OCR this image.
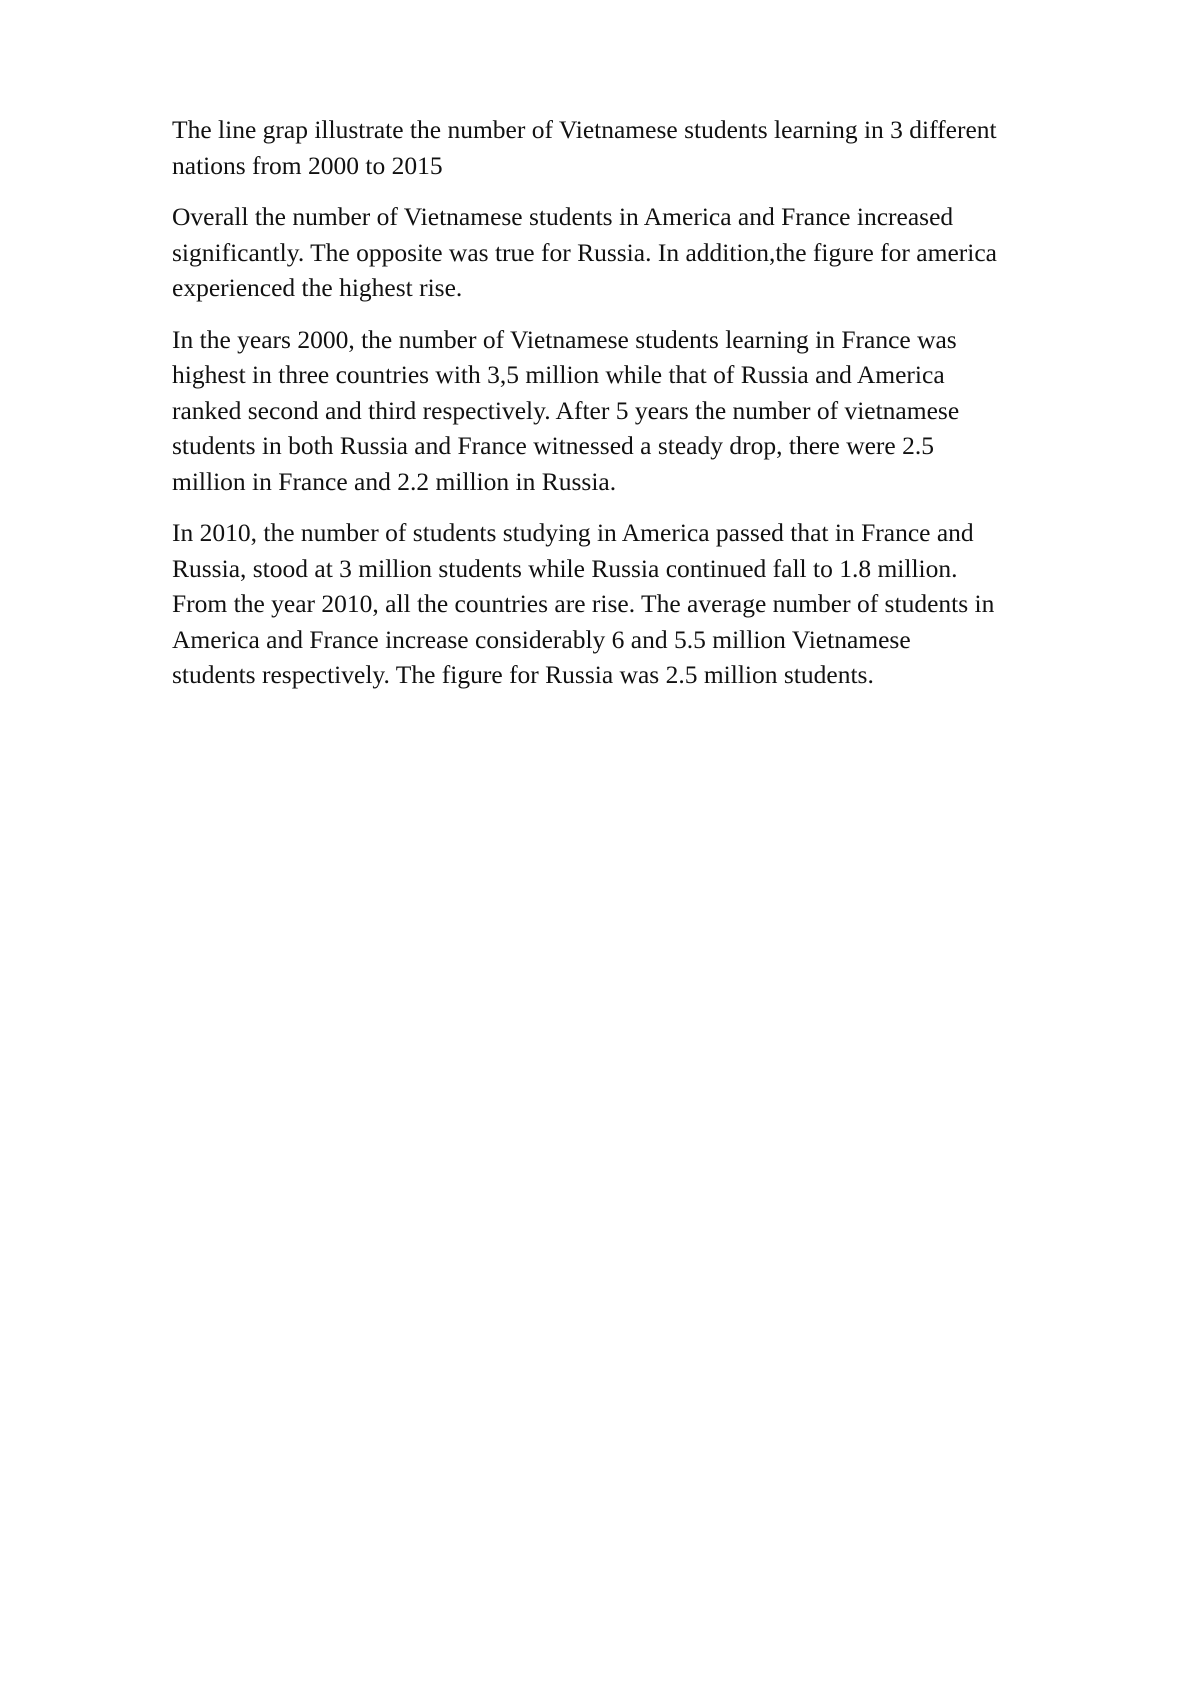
The line grap illustrate the number of Vietnamese students learning in 3 different
nations from 2000 to 2015

Overall the number of Vietnamese students in America and France increased
significantly. The opposite was true for Russia. In addition,the figure for america
experienced the highest rise.

In the years 2000, the number of Vietnamese students learning in France was
highest in three countries with 3,5 million while that of Russia and America
ranked second and third respectively. After 5 years the number of vietnamese
students in both Russia and France witnessed a steady drop, there were 2.5
million in France and 2.2 million in Russia.

In 2010, the number of students studying in America passed that in France and
Russia, stood at 3 million students while Russia continued fall to 1.8 million.
From the year 2010, all the countries are rise. The average number of students in
America and France increase considerably 6 and 5.5 million Vietnamese
students respectively. The figure for Russia was 2.5 million students.
